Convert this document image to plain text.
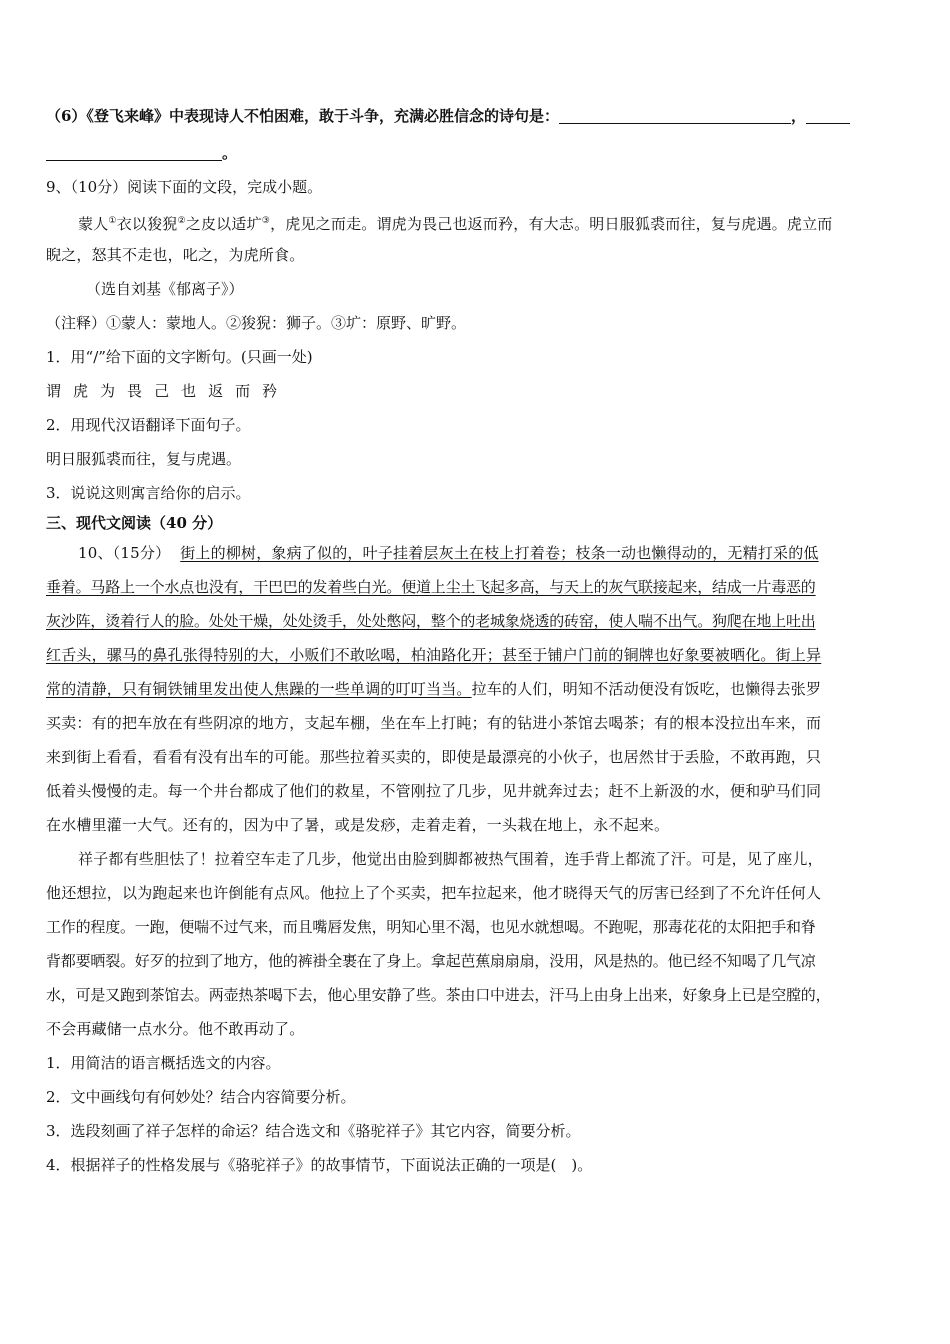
（6）《登飞来峰》中表现诗人不怕困难，敢于斗争，充满必胜信念的诗句是：	，
。
9、（10分）阅读下面的文段，完成小题。
蒙人①衣以狻猊②之皮以适圹③，虎见之而走。谓虎为畏己也返而矜，有大志。明日服狐裘而往，复与虎遇。虎立而
睨之，怒其不走也，叱之，为虎所食。
（选自刘基《郁离子》）
（注释）①蒙人：蒙地人。②狻猊：狮子。③圹：原野、旷野。
1．用“/”给下面的文字断句。(只画一处)
谓 虎 为 畏 己 也 返 而 矜
2．用现代汉语翻译下面句子。
明日服狐裘而往，复与虎遇。
3．说说这则寓言给你的启示。
三、现代文阅读（40 分）
10、（15分） 街上的柳树，象病了似的，叶子挂着层灰土在枝上打着卷；枝条一动也懒得动的，无精打采的低
垂着。马路上一个水点也没有，干巴巴的发着些白光。便道上尘土飞起多高，与天上的灰气联接起来，结成一片毒恶的
灰沙阵，烫着行人的脸。处处干燥，处处烫手，处处憋闷，整个的老城象烧透的砖窑，使人喘不出气。狗爬在地上吐出
红舌头，骡马的鼻孔张得特别的大，小贩们不敢吆喝，柏油路化开；甚至于铺户门前的铜牌也好象要被晒化。街上异
常的清静，只有铜铁铺里发出使人焦躁的一些单调的叮叮当当。拉车的人们，明知不活动便没有饭吃，也懒得去张罗
买卖：有的把车放在有些阴凉的地方，支起车棚，坐在车上打盹；有的钻进小茶馆去喝茶；有的根本没拉出车来，而
来到街上看看，看看有没有出车的可能。那些拉着买卖的，即使是最漂亮的小伙子，也居然甘于丢脸，不敢再跑，只
低着头慢慢的走。每一个井台都成了他们的救星，不管刚拉了几步，见井就奔过去；赶不上新汲的水，便和驴马们同
在水槽里灌一大气。还有的，因为中了暑，或是发痧，走着走着，一头栽在地上，永不起来。
祥子都有些胆怯了！拉着空车走了几步，他觉出由脸到脚都被热气围着，连手背上都流了汗。可是，见了座儿，
他还想拉，以为跑起来也许倒能有点风。他拉上了个买卖，把车拉起来，他才晓得天气的厉害已经到了不允许任何人
工作的程度。一跑，便喘不过气来，而且嘴唇发焦，明知心里不渴，也见水就想喝。不跑呢，那毒花花的太阳把手和脊
背都要晒裂。好歹的拉到了地方，他的裤褂全裹在了身上。拿起芭蕉扇扇扇，没用，风是热的。他已经不知喝了几气凉
水，可是又跑到茶馆去。两壶热茶喝下去，他心里安静了些。茶由口中进去，汗马上由身上出来，好象身上已是空膛的，
不会再藏储一点水分。他不敢再动了。
1．用简洁的语言概括选文的内容。
2．文中画线句有何妙处？结合内容简要分析。
3．选段刻画了祥子怎样的命运？结合选文和《骆驼祥子》其它内容，简要分析。
4．根据祥子的性格发展与《骆驼祥子》的故事情节，下面说法正确的一项是(　)。
